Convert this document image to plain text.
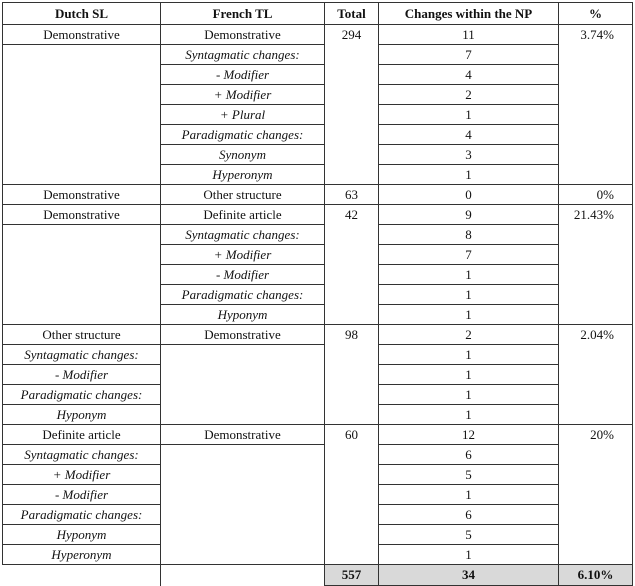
Dutch SL	French TL	Total	Changes within the NP	%
Demonstrative	Demonstrative	294	11	3.74%
	Syntagmatic changes:		7	
	- Modifier		4	
	+ Modifier		2	
	+ Plural		1	
	Paradigmatic changes:		4	
	Synonym		3	
	Hyperonym		1	
Demonstrative	Other structure	63	0	0%
Demonstrative	Definite article	42	9	21.43%
	Syntagmatic changes:		8	
	+ Modifier		7	
	- Modifier		1	
	Paradigmatic changes:		1	
	Hyponym		1	
Other structure	Demonstrative	98	2	2.04%
Syntagmatic changes:			1	
- Modifier			1	
Paradigmatic changes:			1	
Hyponym			1	
Definite article	Demonstrative	60	12	20%
Syntagmatic changes:			6	
+ Modifier			5	
- Modifier			1	
Paradigmatic changes:			6	
Hyponym			5	
Hyperonym			1	
		557	34	6.10%
